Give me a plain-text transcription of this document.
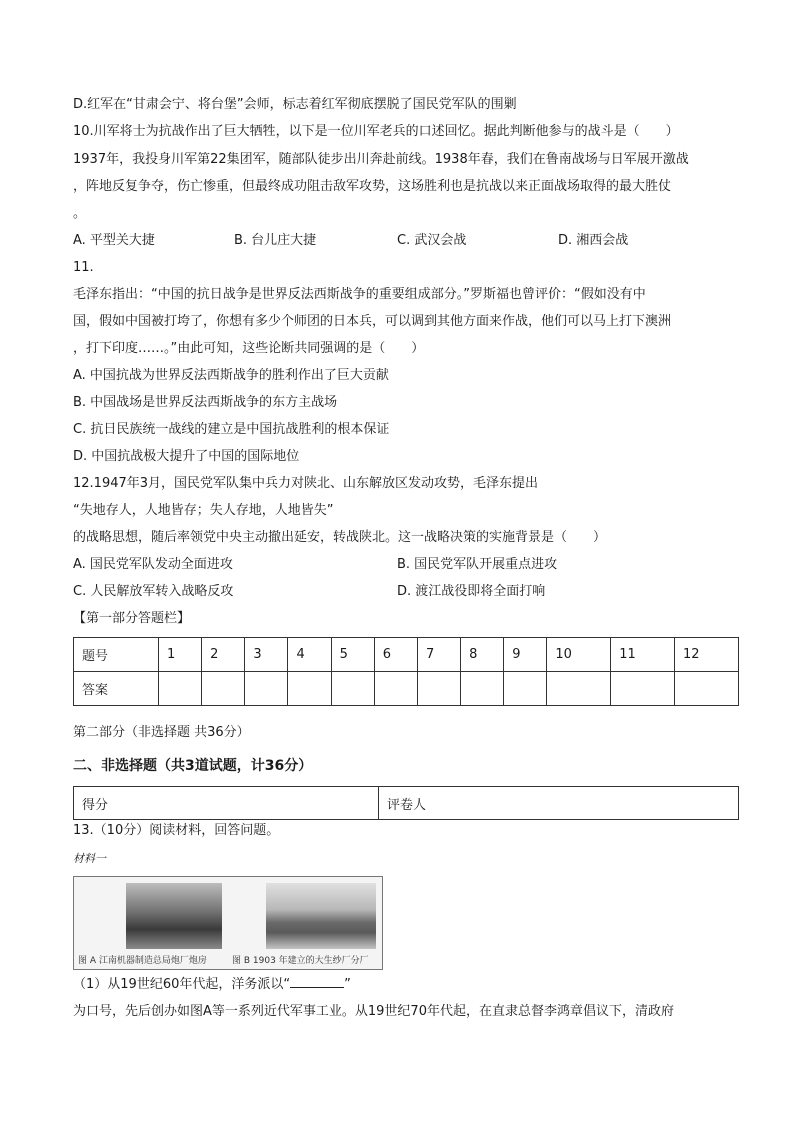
D.红军在“甘肃会宁、将台堡”会师，标志着红军彻底摆脱了国民党军队的围剿
10.川军将士为抗战作出了巨大牺牲，以下是一位川军老兵的口述回忆。据此判断他参与的战斗是（　　）
1937年，我投身川军第22集团军，随部队徒步出川奔赴前线。1938年春，我们在鲁南战场与日军展开激战
，阵地反复争夺，伤亡惨重，但最终成功阻击敌军攻势，这场胜利也是抗战以来正面战场取得的最大胜仗
。
A. 平型关大捷	B. 台儿庄大捷	C. 武汉会战	D. 湘西会战
11.
毛泽东指出：“中国的抗日战争是世界反法西斯战争的重要组成部分。”罗斯福也曾评价：“假如没有中
国，假如中国被打垮了，你想有多少个师团的日本兵，可以调到其他方面来作战，他们可以马上打下澳洲
，打下印度……。”由此可知，这些论断共同强调的是（　　）
A. 中国抗战为世界反法西斯战争的胜利作出了巨大贡献
B. 中国战场是世界反法西斯战争的东方主战场
C. 抗日民族统一战线的建立是中国抗战胜利的根本保证
D. 中国抗战极大提升了中国的国际地位
12.1947年3月，国民党军队集中兵力对陕北、山东解放区发动攻势，毛泽东提出
“失地存人，人地皆存；失人存地，人地皆失”
的战略思想，随后率领党中央主动撤出延安，转战陕北。这一战略决策的实施背景是（　　）
A. 国民党军队发动全面进攻	B. 国民党军队开展重点进攻
C. 人民解放军转入战略反攻	D. 渡江战役即将全面打响
【第一部分答题栏】
题号	1	2	3	4	5	6	7	8	9	10	11	12
答案												
第二部分（非选择题 共36分）
二、非选择题（共3道试题，计36分）
得分	评卷人
13.（10分）阅读材料，回答问题。
材料一
图 A 江南机器制造总局炮厂炮房	图 B 1903 年建立的大生纱厂分厂
（1）从19世纪60年代起，洋务派以“	”
为口号，先后创办如图A等一系列近代军事工业。从19世纪70年代起，在直隶总督李鸿章倡议下，清政府
